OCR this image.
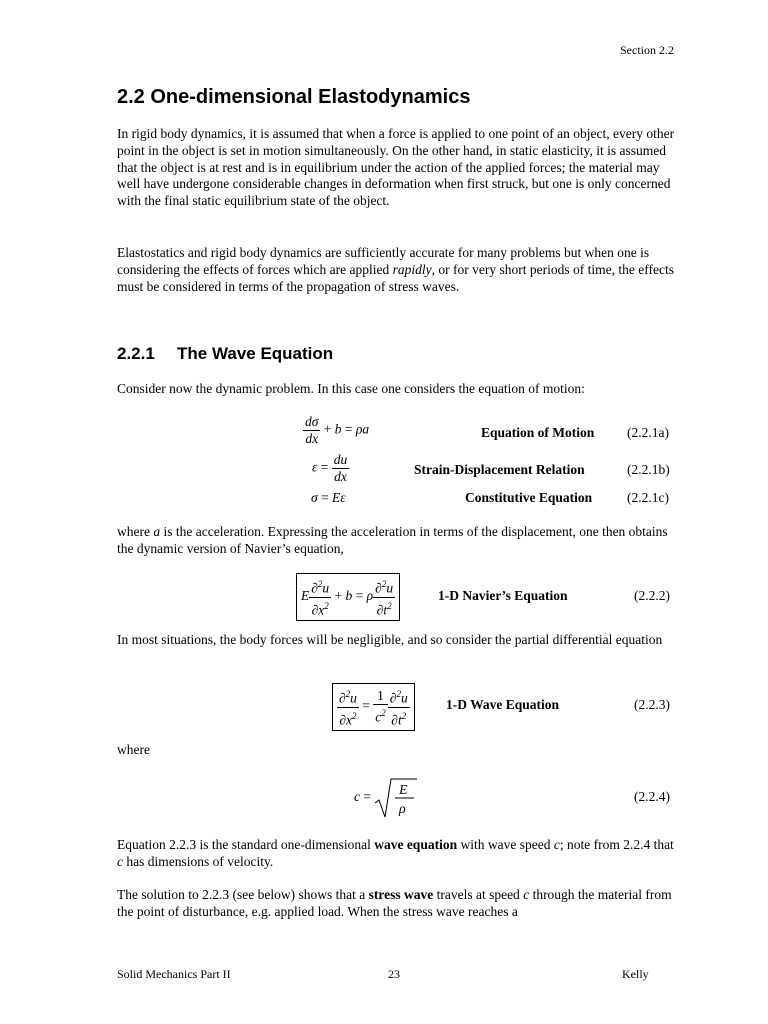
Section 2.2
2.2 One-dimensional Elastodynamics
In rigid body dynamics, it is assumed that when a force is applied to one point of an object, every other point in the object is set in motion simultaneously. On the other hand, in static elasticity, it is assumed that the object is at rest and is in equilibrium under the action of the applied forces; the material may well have undergone considerable changes in deformation when first struck, but one is only concerned with the final static equilibrium state of the object.
Elastostatics and rigid body dynamics are sufficiently accurate for many problems but when one is considering the effects of forces which are applied rapidly, or for very short periods of time, the effects must be considered in terms of the propagation of stress waves.
2.2.1 The Wave Equation
Consider now the dynamic problem. In this case one considers the equation of motion:
$\frac{d\sigma}{dx} + b = \rho a$	Equation of Motion (2.2.1a)
$\varepsilon = \frac{du}{dx}$	Strain-Displacement Relation	(2.2.1b)
σ = Eε	Constitutive Equation	(2.2.1c)
where a is the acceleration. Expressing the acceleration in terms of the displacement, one then obtains the dynamic version of Navier’s equation,
E $\frac{\partial^2u}{\partial x^2} + b = \rho \frac{\partial^2u}{\partial t^2}$	1-D Navier’s Equation	(2.2.2)
In most situations, the body forces will be negligible, and so consider the partial differential equation
$\frac{\partial^2u}{\partial x^2} = \frac{1}{c^2} \frac{\partial^2u}{\partial t^2}$	1-D Wave Equation	(2.2.3)
where
c = E
ρ
(2.2.4)
Equation 2.2.3 is the standard one-dimensional wave equation with wave speed c; note from 2.2.4 that c has dimensions of velocity.
The solution to 2.2.3 (see below) shows that a stress wave travels at speed c through the material from the point of disturbance, e.g. applied load. When the stress wave reaches a
Solid Mechanics Part II	23	Kelly
